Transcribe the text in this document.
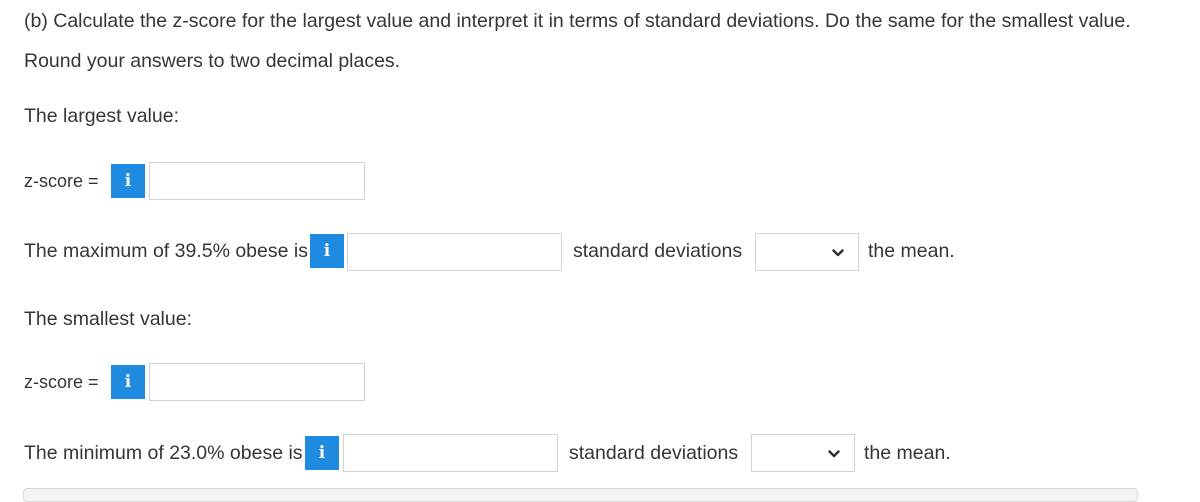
(b) Calculate the z-score for the largest value and interpret it in terms of standard deviations. Do the same for the smallest value.
Round your answers to two decimal places.
The largest value:
z-score =	i
The maximum of 39.5% obese is i	standard deviations	the mean.
The smallest value:
z-score =	i
The minimum of 23.0% obese is i	standard deviations	the mean.
